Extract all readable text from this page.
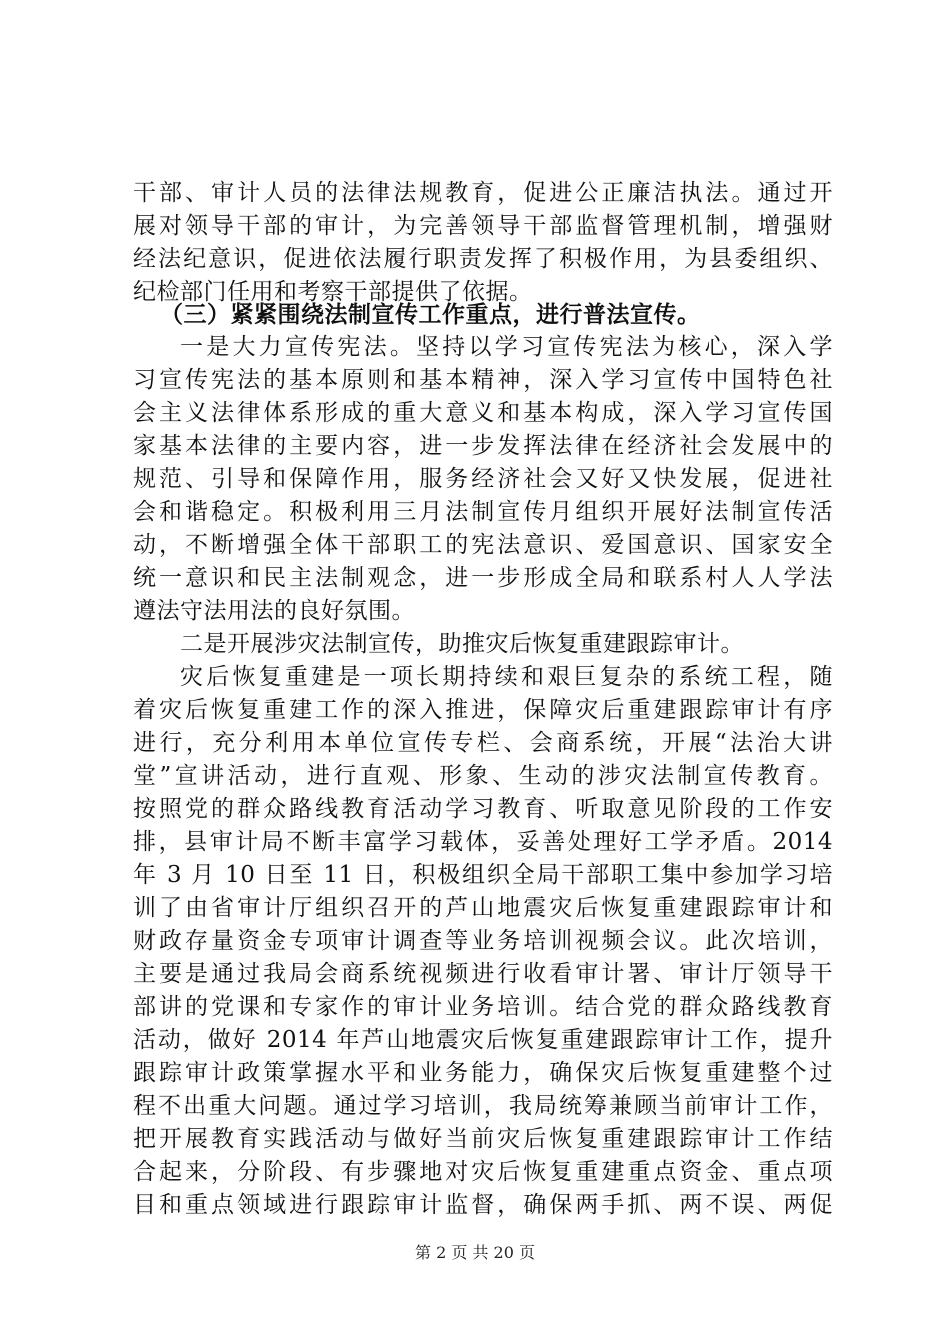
干部、审计人员的法律法规教育，促进公正廉洁执法。通过开
展对领导干部的审计，为完善领导干部监督管理机制，增强财
经法纪意识，促进依法履行职责发挥了积极作用，为县委组织、
纪检部门任用和考察干部提供了依据。
（三）紧紧围绕法制宣传工作重点，进行普法宣传。
一是大力宣传宪法。坚持以学习宣传宪法为核心，深入学
习宣传宪法的基本原则和基本精神，深入学习宣传中国特色社
会主义法律体系形成的重大意义和基本构成，深入学习宣传国
家基本法律的主要内容，进一步发挥法律在经济社会发展中的
规范、引导和保障作用，服务经济社会又好又快发展，促进社
会和谐稳定。积极利用三月法制宣传月组织开展好法制宣传活
动，不断增强全体干部职工的宪法意识、爱国意识、国家安全
统一意识和民主法制观念，进一步形成全局和联系村人人学法
遵法守法用法的良好氛围。
二是开展涉灾法制宣传，助推灾后恢复重建跟踪审计。
灾后恢复重建是一项长期持续和艰巨复杂的系统工程，随
着灾后恢复重建工作的深入推进，保障灾后重建跟踪审计有序
进行，充分利用本单位宣传专栏、会商系统，开展“法治大讲
堂”宣讲活动，进行直观、形象、生动的涉灾法制宣传教育。
按照党的群众路线教育活动学习教育、听取意见阶段的工作安
排，县审计局不断丰富学习载体，妥善处理好工学矛盾。2014
年 3 月 10 日至 11 日，积极组织全局干部职工集中参加学习培
训了由省审计厅组织召开的芦山地震灾后恢复重建跟踪审计和
财政存量资金专项审计调查等业务培训视频会议。此次培训，
主要是通过我局会商系统视频进行收看审计署、审计厅领导干
部讲的党课和专家作的审计业务培训。结合党的群众路线教育
活动，做好 2014 年芦山地震灾后恢复重建跟踪审计工作，提升
跟踪审计政策掌握水平和业务能力，确保灾后恢复重建整个过
程不出重大问题。通过学习培训，我局统筹兼顾当前审计工作，
把开展教育实践活动与做好当前灾后恢复重建跟踪审计工作结
合起来，分阶段、有步骤地对灾后恢复重建重点资金、重点项
目和重点领域进行跟踪审计监督，确保两手抓、两不误、两促
第 2 页 共 20 页
